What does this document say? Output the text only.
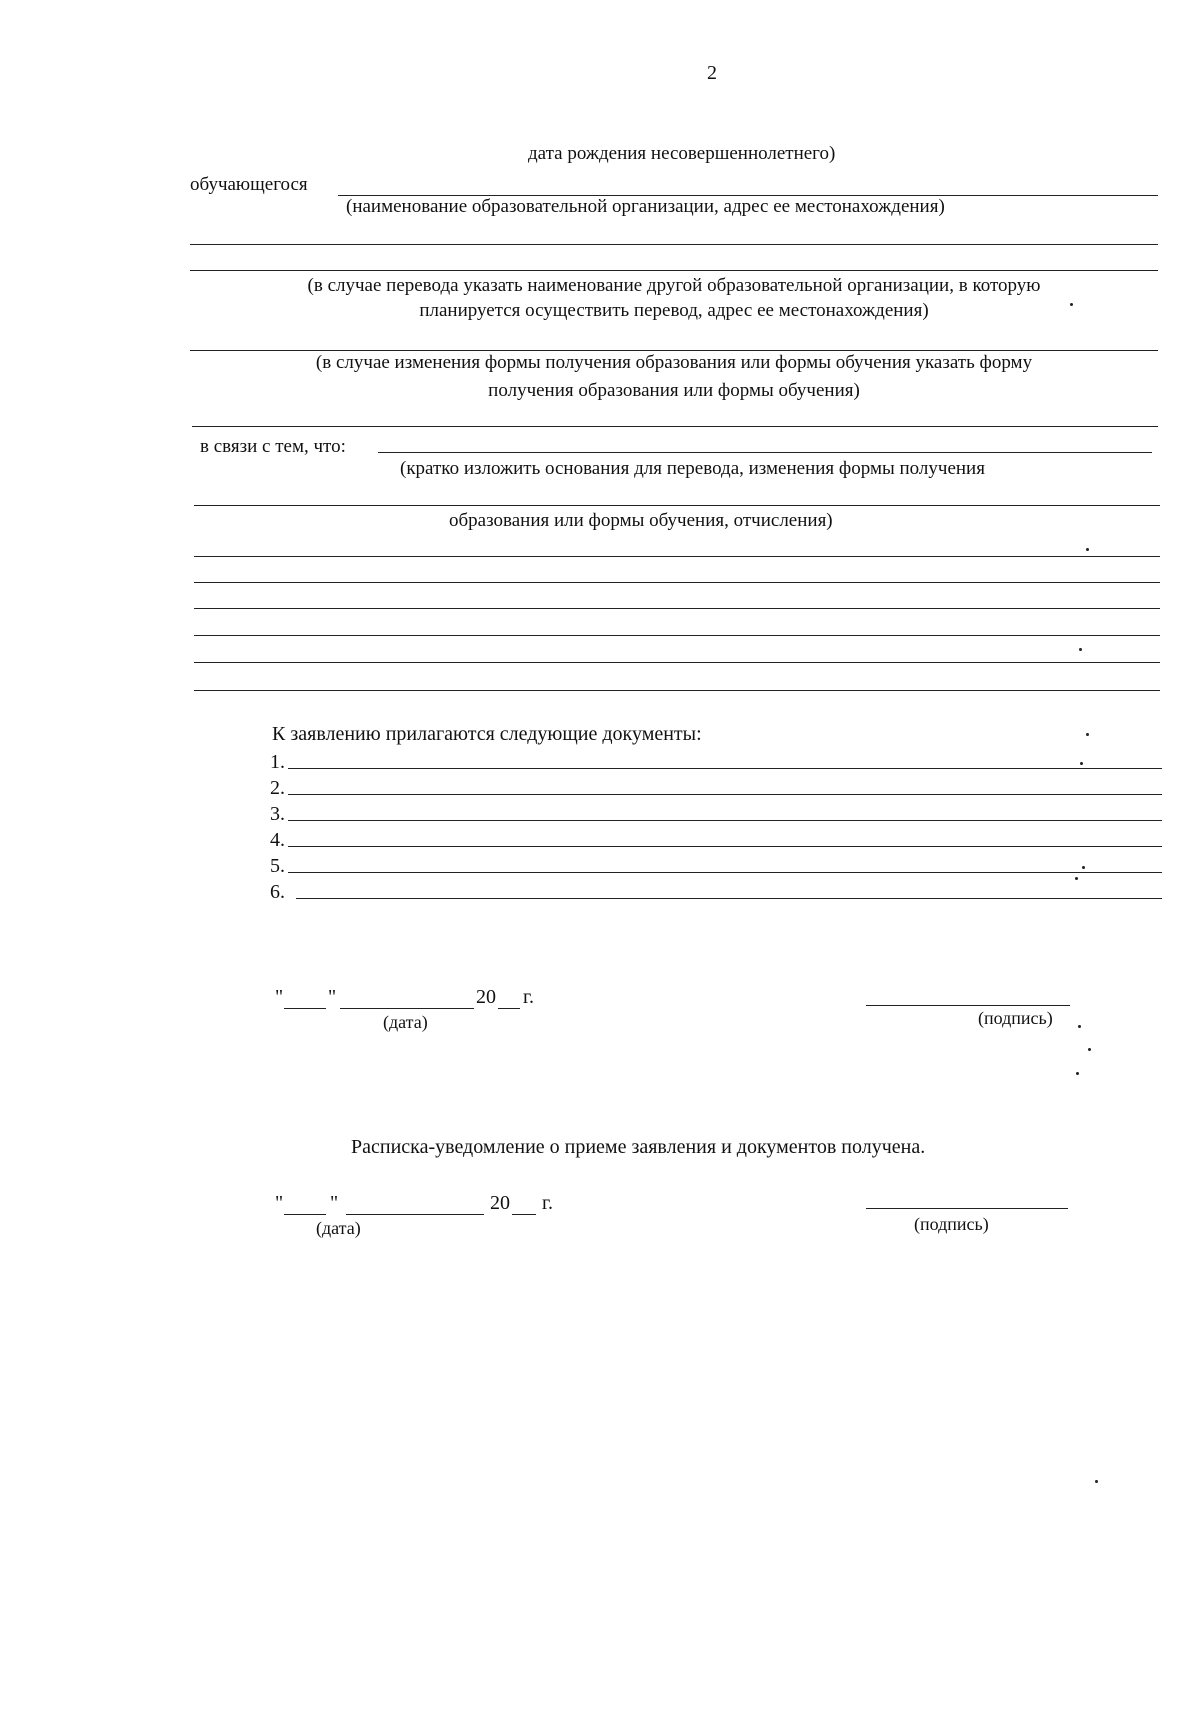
2
дата рождения несовершеннолетнего)
обучающегося
(наименование образовательной организации, адрес ее местонахождения)
(в случае перевода указать наименование другой образовательной организации, в которую
планируется осуществить перевод, адрес ее местонахождения)
(в случае изменения формы получения образования или формы обучения указать форму
получения образования или формы обучения)
в связи с тем, что:
(кратко изложить основания для перевода, изменения формы получения
образования или формы обучения, отчисления)
К заявлению прилагаются следующие документы:
1.
2.
3.
4.
5.
6.
" "	20 г.
(дата)	(подпись)
Расписка-уведомление о приеме заявления и документов получена.
" "	20 г.
(дата)	(подпись)
